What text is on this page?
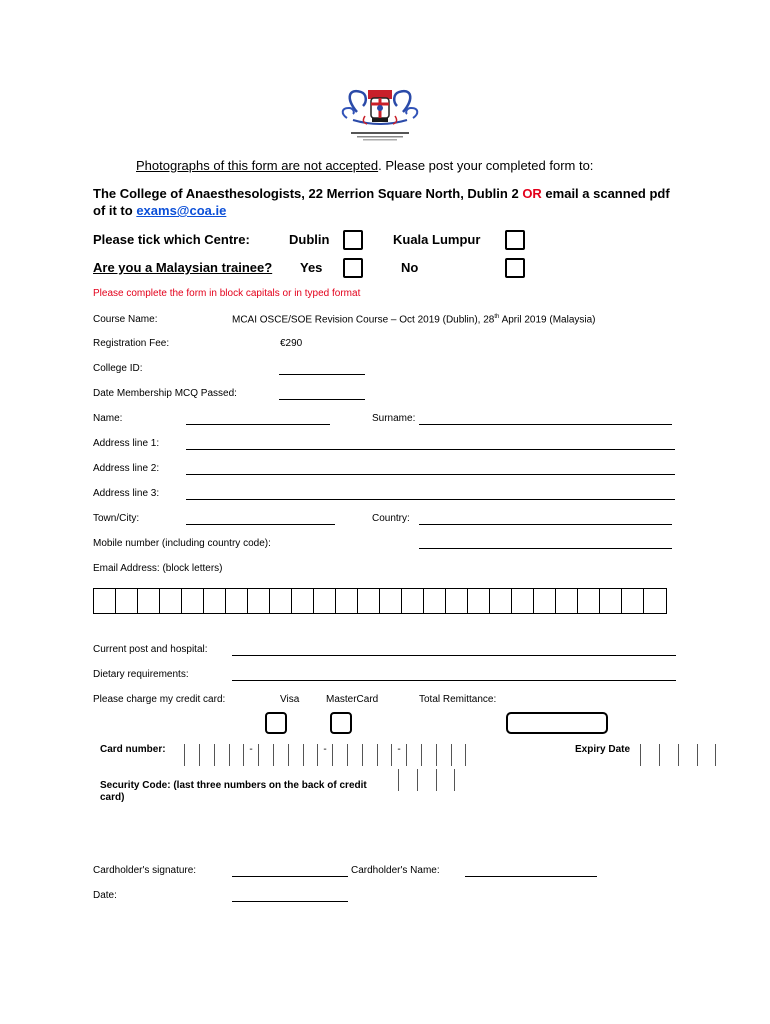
Photographs of this form are not accepted. Please post your completed form to:
The College of Anaesthesologists, 22 Merrion Square North, Dublin 2 OR email a scanned pdf
of it to exams@coa.ie
Please tick which Centre:	Dublin	Kuala Lumpur
Are you a Malaysian trainee? Yes	No
Please complete the form in block capitals or in typed format
Course Name:	MCAI OSCE/SOE Revision Course – Oct 2019 (Dublin), 28th April 2019 (Malaysia)
Registration Fee:	€290
College ID:
Date Membership MCQ Passed:
Name:	Surname:
Address line 1:
Address line 2:
Address line 3:
Town/City:	Country:
Mobile number (including country code):
Email Address: (block letters)
Current post and hospital:
Dietary requirements:
Please charge my credit card:	Visa	MasterCard	Total Remittance:
Card number:	-	-	-	Expiry Date
Security Code: (last three numbers on the back of credit
card)
Cardholder's signature:	Cardholder's Name:
Date:
